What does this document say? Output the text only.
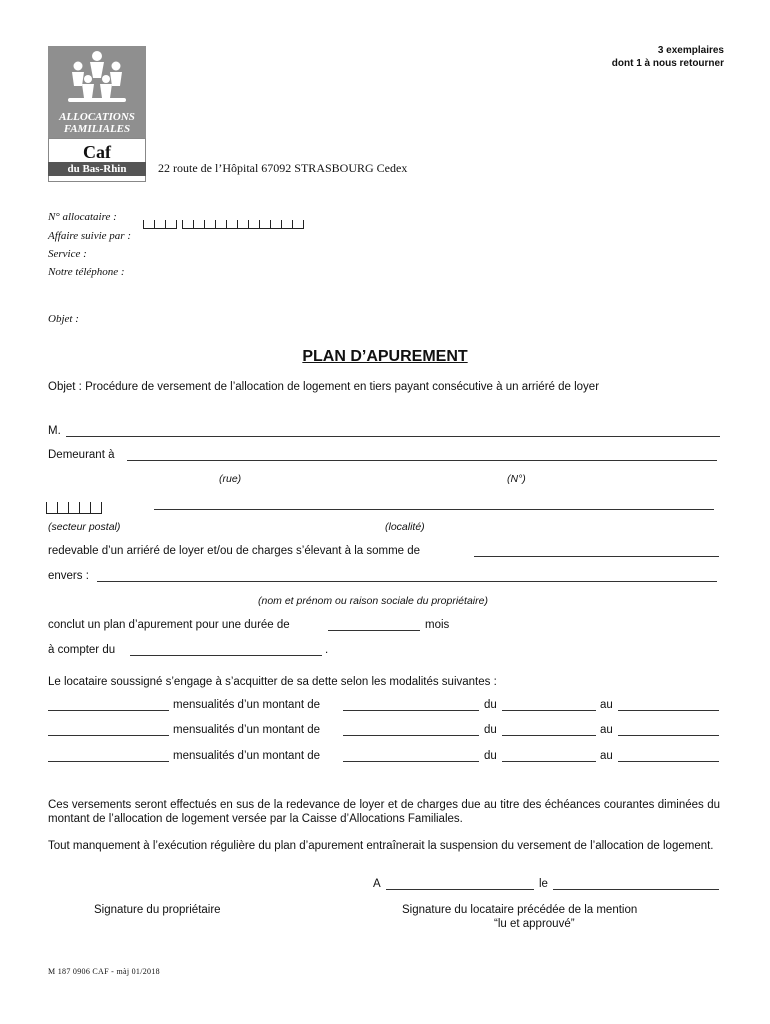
ALLOCATIONS
FAMILIALES
Caf
du Bas-Rhin
3 exemplaires
dont 1 à nous retourner
22 route de l’Hôpital 67092 STRASBOURG Cedex
N° allocataire :
Affaire suivie par :
Service :
Notre téléphone :
Objet :
PLAN D’APUREMENT
Objet : Procédure de versement de l’allocation de logement en tiers payant consécutive à un arriéré de loyer
M.
Demeurant à
(rue)	(N°)
(secteur postal)	(localité)
redevable d’un arriéré de loyer et/ou de charges s’élevant à la somme de
envers :
(nom et prénom ou raison sociale du propriétaire)
conclut un plan d’apurement pour une durée de	mois
à compter du	.
Le locataire soussigné s’engage à s’acquitter de sa dette selon les modalités suivantes :
mensualités d’un montant de	du	au
mensualités d’un montant de	du	au
mensualités d’un montant de	du	au
Ces versements seront effectués en sus de la redevance de loyer et de charges due au titre des échéances courantes diminées du montant de l’allocation de logement versée par la Caisse d’Allocations Familiales.
Tout manquement à l’exécution régulière du plan d’apurement entraînerait la suspension du versement de l’allocation de logement.
A	le
Signature du propriétaire	Signature du locataire précédée de la mention
“lu et approuvé”
M 187 0906 CAF - màj 01/2018
